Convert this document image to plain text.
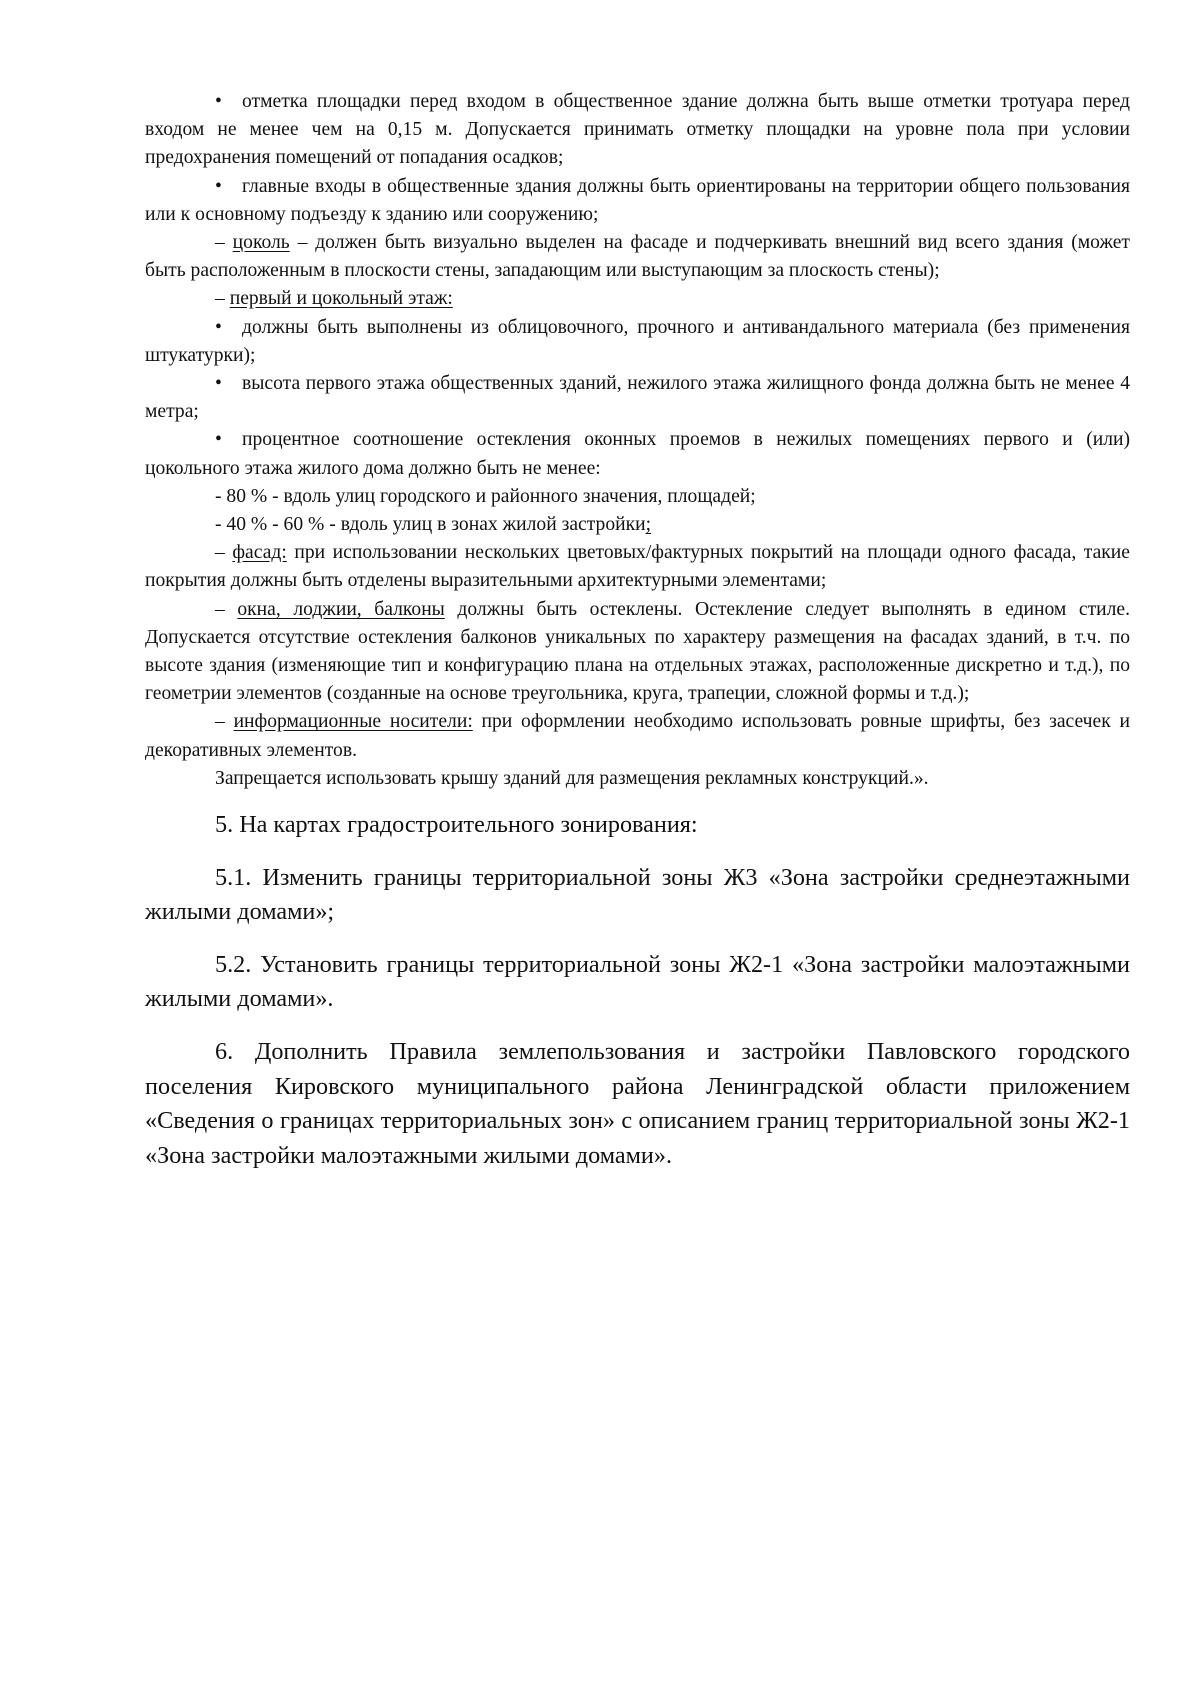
• отметка площадки перед входом в общественное здание должна быть выше отметки тротуара перед входом не менее чем на 0,15 м. Допускается принимать отметку площадки на уровне пола при условии предохранения помещений от попадания осадков;

• главные входы в общественные здания должны быть ориентированы на территории общего пользования или к основному подъезду к зданию или сооружению;

– цоколь – должен быть визуально выделен на фасаде и подчеркивать внешний вид всего здания (может быть расположенным в плоскости стены, западающим или выступающим за плоскость стены);

– первый и цокольный этаж:

• должны быть выполнены из облицовочного, прочного и антивандального материала (без применения штукатурки);

• высота первого этажа общественных зданий, нежилого этажа жилищного фонда должна быть не менее 4 метра;

• процентное соотношение остекления оконных проемов в нежилых помещениях первого и (или) цокольного этажа жилого дома должно быть не менее:

- 80 % - вдоль улиц городского и районного значения, площадей;

- 40 % - 60 % - вдоль улиц в зонах жилой застройки;

– фасад: при использовании нескольких цветовых/фактурных покрытий на площади одного фасада, такие покрытия должны быть отделены выразительными архитектурными элементами;

– окна, лоджии, балконы должны быть остеклены. Остекление следует выполнять в едином стиле. Допускается отсутствие остекления балконов уникальных по характеру размещения на фасадах зданий, в т.ч. по высоте здания (изменяющие тип и конфигурацию плана на отдельных этажах, расположенные дискретно и т.д.), по геометрии элементов (созданные на основе треугольника, круга, трапеции, сложной формы и т.д.);

– информационные носители: при оформлении необходимо использовать ровные шрифты, без засечек и декоративных элементов.

Запрещается использовать крышу зданий для размещения рекламных конструкций.».

5. На картах градостроительного зонирования:

5.1. Изменить границы территориальной зоны Ж3 «Зона застройки среднеэтажными жилыми домами»;

5.2. Установить границы территориальной зоны Ж2-1 «Зона застройки малоэтажными жилыми домами».

6. Дополнить Правила землепользования и застройки Павловского городского поселения Кировского муниципального района Ленинградской области приложением «Сведения о границах территориальных зон» с описанием границ территориальной зоны Ж2-1 «Зона застройки малоэтажными жилыми домами».
